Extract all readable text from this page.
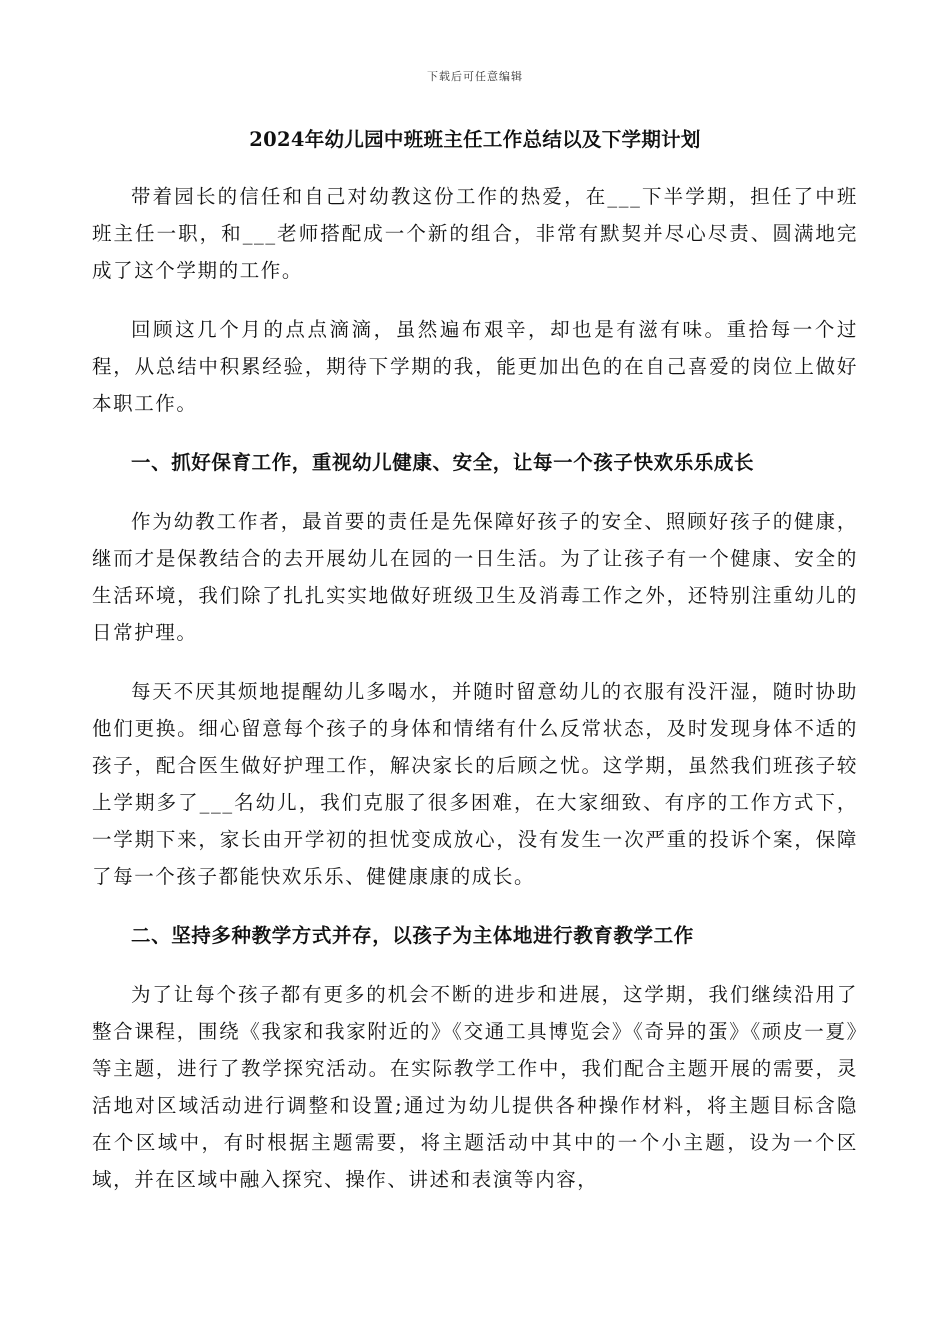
下载后可任意编辑
2024年幼儿园中班班主任工作总结以及下学期计划

带着园长的信任和自己对幼教这份工作的热爱，在___下半学期，担任了中班班主任一职，和___老师搭配成一个新的组合，非常有默契并尽心尽责、圆满地完成了这个学期的工作。

回顾这几个月的点点滴滴，虽然遍布艰辛，却也是有滋有味。重拾每一个过程，从总结中积累经验，期待下学期的我，能更加出色的在自己喜爱的岗位上做好本职工作。

一、抓好保育工作，重视幼儿健康、安全，让每一个孩子快欢乐乐成长

作为幼教工作者，最首要的责任是先保障好孩子的安全、照顾好孩子的健康，继而才是保教结合的去开展幼儿在园的一日生活。为了让孩子有一个健康、安全的生活环境，我们除了扎扎实实地做好班级卫生及消毒工作之外，还特别注重幼儿的日常护理。

每天不厌其烦地提醒幼儿多喝水，并随时留意幼儿的衣服有没汗湿，随时协助他们更换。细心留意每个孩子的身体和情绪有什么反常状态，及时发现身体不适的孩子，配合医生做好护理工作，解决家长的后顾之忧。这学期，虽然我们班孩子较上学期多了___名幼儿，我们克服了很多困难，在大家细致、有序的工作方式下，一学期下来，家长由开学初的担忧变成放心，没有发生一次严重的投诉个案，保障了每一个孩子都能快欢乐乐、健健康康的成长。

二、坚持多种教学方式并存，以孩子为主体地进行教育教学工作

为了让每个孩子都有更多的机会不断的进步和进展，这学期，我们继续沿用了整合课程，围绕《我家和我家附近的》《交通工具博览会》《奇异的蛋》《顽皮一夏》等主题，进行了教学探究活动。在实际教学工作中，我们配合主题开展的需要，灵活地对区域活动进行调整和设置;通过为幼儿提供各种操作材料，将主题目标含隐在个区域中，有时根据主题需要，将主题活动中其中的一个小主题，设为一个区域，并在区域中融入探究、操作、讲述和表演等内容，
